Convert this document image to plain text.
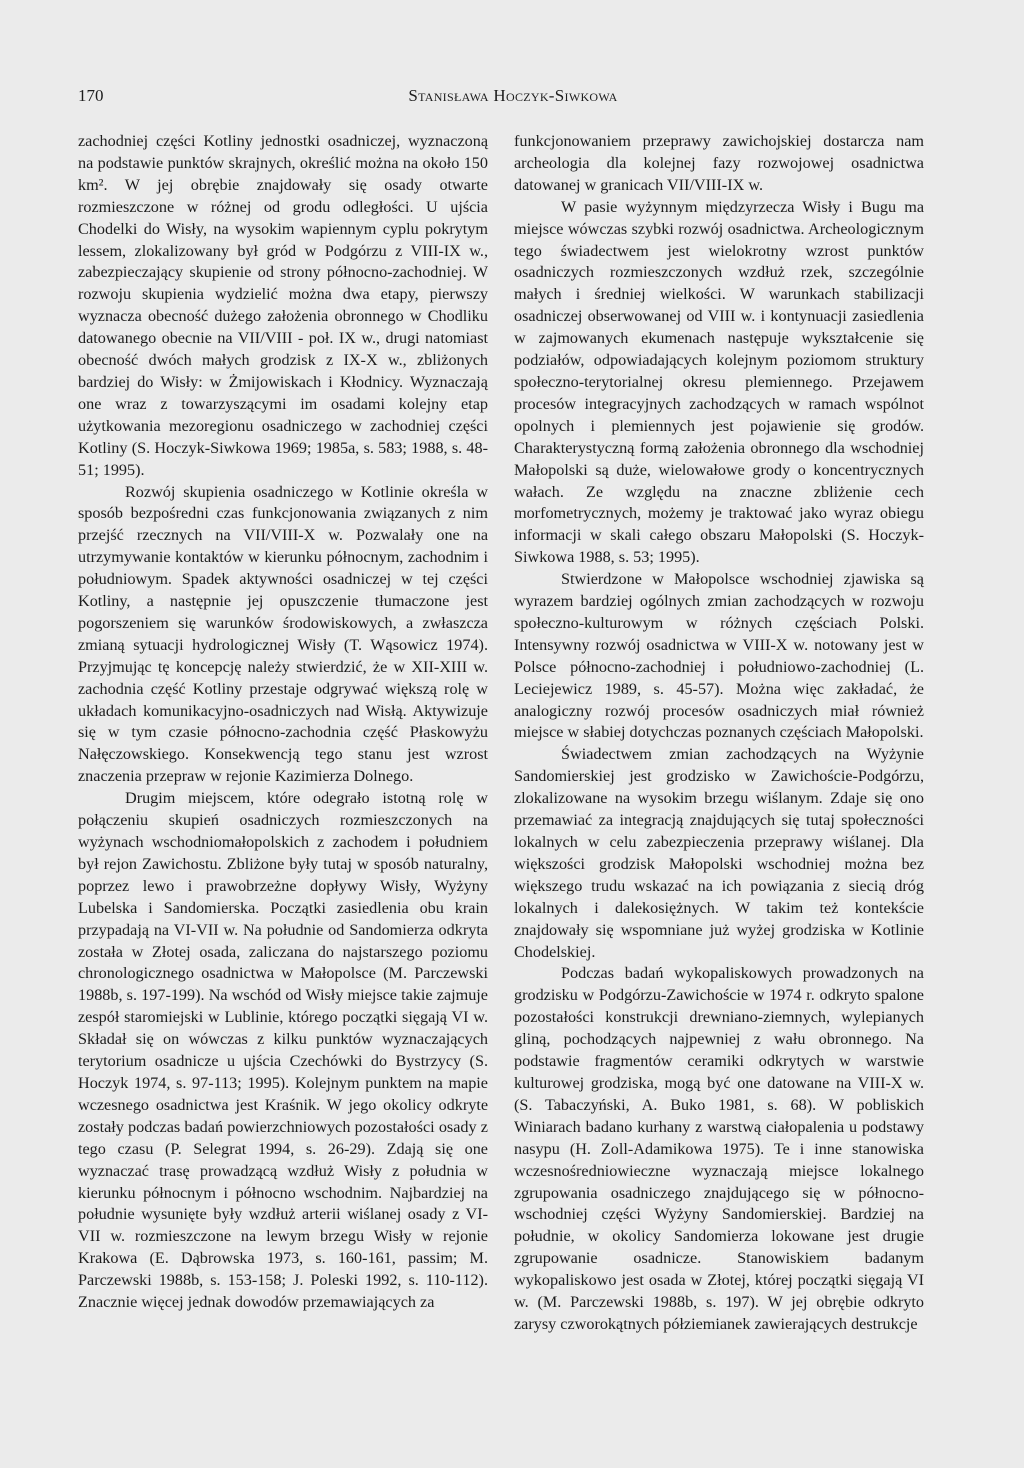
170	Stanisława Hoczyk-Siwkowa

zachodniej części Kotliny jednostki osadniczej, wyznaczoną na podstawie punktów skrajnych, określić można na około 150 km². W jej obrębie znajdowały się osady otwarte rozmieszczone w różnej od grodu odległości. U ujścia Chodelki do Wisły, na wysokim wapiennym cyplu pokrytym lessem, zlokalizowany był gród w Podgórzu z VIII-IX w., zabezpieczający skupienie od strony północno-zachodniej. W rozwoju skupienia wydzielić można dwa etapy, pierwszy wyznacza obecność dużego założenia obronnego w Chodliku datowanego obecnie na VII/VIII - poł. IX w., drugi natomiast obecność dwóch małych grodzisk z IX-X w., zbliżonych bardziej do Wisły: w Żmijowiskach i Kłodnicy. Wyznaczają one wraz z towarzyszącymi im osadami kolejny etap użytkowania mezoregionu osadniczego w zachodniej części Kotliny (S. Hoczyk-Siwkowa 1969; 1985a, s. 583; 1988, s. 48-51; 1995).

Rozwój skupienia osadniczego w Kotlinie określa w sposób bezpośredni czas funkcjonowania związanych z nim przejść rzecznych na VII/VIII-X w. Pozwalały one na utrzymywanie kontaktów w kierunku północnym, zachodnim i południowym. Spadek aktywności osadniczej w tej części Kotliny, a następnie jej opuszczenie tłumaczone jest pogorszeniem się warunków środowiskowych, a zwłaszcza zmianą sytuacji hydrologicznej Wisły (T. Wąsowicz 1974). Przyjmując tę koncepcję należy stwierdzić, że w XII-XIII w. zachodnia część Kotliny przestaje odgrywać większą rolę w układach komunikacyjno-osadniczych nad Wisłą. Aktywizuje się w tym czasie północno-zachodnia część Płaskowyżu Nałęczowskiego. Konsekwencją tego stanu jest wzrost znaczenia przepraw w rejonie Kazimierza Dolnego.

Drugim miejscem, które odegrało istotną rolę w połączeniu skupień osadniczych rozmieszczonych na wyżynach wschodniomałopolskich z zachodem i południem był rejon Zawichostu. Zbliżone były tutaj w sposób naturalny, poprzez lewo i prawobrzeżne dopływy Wisły, Wyżyny Lubelska i Sandomierska. Początki zasiedlenia obu krain przypadają na VI-VII w. Na południe od Sandomierza odkryta została w Złotej osada, zaliczana do najstarszego poziomu chronologicznego osadnictwa w Małopolsce (M. Parczewski 1988b, s. 197-199). Na wschód od Wisły miejsce takie zajmuje zespół staromiejski w Lublinie, którego początki sięgają VI w. Składał się on wówczas z kilku punktów wyznaczających terytorium osadnicze u ujścia Czechówki do Bystrzycy (S. Hoczyk 1974, s. 97-113; 1995). Kolejnym punktem na mapie wczesnego osadnictwa jest Kraśnik. W jego okolicy odkryte zostały podczas badań powierzchniowych pozostałości osady z tego czasu (P. Selegrat 1994, s. 26-29). Zdają się one wyznaczać trasę prowadzącą wzdłuż Wisły z południa w kierunku północnym i północno wschodnim. Najbardziej na południe wysunięte były wzdłuż arterii wiślanej osady z VI-VII w. rozmieszczone na lewym brzegu Wisły w rejonie Krakowa (E. Dąbrowska 1973, s. 160-161, passim; M. Parczewski 1988b, s. 153-158; J. Poleski 1992, s. 110-112). Znacznie więcej jednak dowodów przemawiających za

funkcjonowaniem przeprawy zawichojskiej dostarcza nam archeologia dla kolejnej fazy rozwojowej osadnictwa datowanej w granicach VII/VIII-IX w.

W pasie wyżynnym międzyrzecza Wisły i Bugu ma miejsce wówczas szybki rozwój osadnictwa. Archeologicznym tego świadectwem jest wielokrotny wzrost punktów osadniczych rozmieszczonych wzdłuż rzek, szczególnie małych i średniej wielkości. W warunkach stabilizacji osadniczej obserwowanej od VIII w. i kontynuacji zasiedlenia w zajmowanych ekumenach następuje wykształcenie się podziałów, odpowiadających kolejnym poziomom struktury społeczno-terytorialnej okresu plemiennego. Przejawem procesów integracyjnych zachodzących w ramach wspólnot opolnych i plemiennych jest pojawienie się grodów. Charakterystyczną formą założenia obronnego dla wschodniej Małopolski są duże, wielowałowe grody o koncentrycznych wałach. Ze względu na znaczne zbliżenie cech morfometrycznych, możemy je traktować jako wyraz obiegu informacji w skali całego obszaru Małopolski (S. Hoczyk-Siwkowa 1988, s. 53; 1995).

Stwierdzone w Małopolsce wschodniej zjawiska są wyrazem bardziej ogólnych zmian zachodzących w rozwoju społeczno-kulturowym w różnych częściach Polski. Intensywny rozwój osadnictwa w VIII-X w. notowany jest w Polsce północno-zachodniej i południowo-zachodniej (L. Leciejewicz 1989, s. 45-57). Można więc zakładać, że analogiczny rozwój procesów osadniczych miał również miejsce w słabiej dotychczas poznanych częściach Małopolski.

Świadectwem zmian zachodzących na Wyżynie Sandomierskiej jest grodzisko w Zawichoście-Podgórzu, zlokalizowane na wysokim brzegu wiślanym. Zdaje się ono przemawiać za integracją znajdujących się tutaj społeczności lokalnych w celu zabezpieczenia przeprawy wiślanej. Dla większości grodzisk Małopolski wschodniej można bez większego trudu wskazać na ich powiązania z siecią dróg lokalnych i dalekosiężnych. W takim też kontekście znajdowały się wspomniane już wyżej grodziska w Kotlinie Chodelskiej.

Podczas badań wykopaliskowych prowadzonych na grodzisku w Podgórzu-Zawichoście w 1974 r. odkryto spalone pozostałości konstrukcji drewniano-ziemnych, wylepianych gliną, pochodzących najpewniej z wału obronnego. Na podstawie fragmentów ceramiki odkrytych w warstwie kulturowej grodziska, mogą być one datowane na VIII-X w. (S. Tabaczyński, A. Buko 1981, s. 68). W pobliskich Winiarach badano kurhany z warstwą ciałopalenia u podstawy nasypu (H. Zoll-Adamikowa 1975). Te i inne stanowiska wczesnośredniowieczne wyznaczają miejsce lokalnego zgrupowania osadniczego znajdującego się w północno-wschodniej części Wyżyny Sandomierskiej. Bardziej na południe, w okolicy Sandomierza lokowane jest drugie zgrupowanie osadnicze. Stanowiskiem badanym wykopaliskowo jest osada w Złotej, której początki sięgają VI w. (M. Parczewski 1988b, s. 197). W jej obrębie odkryto zarysy czworokątnych półziemianek zawierających destrukcje
